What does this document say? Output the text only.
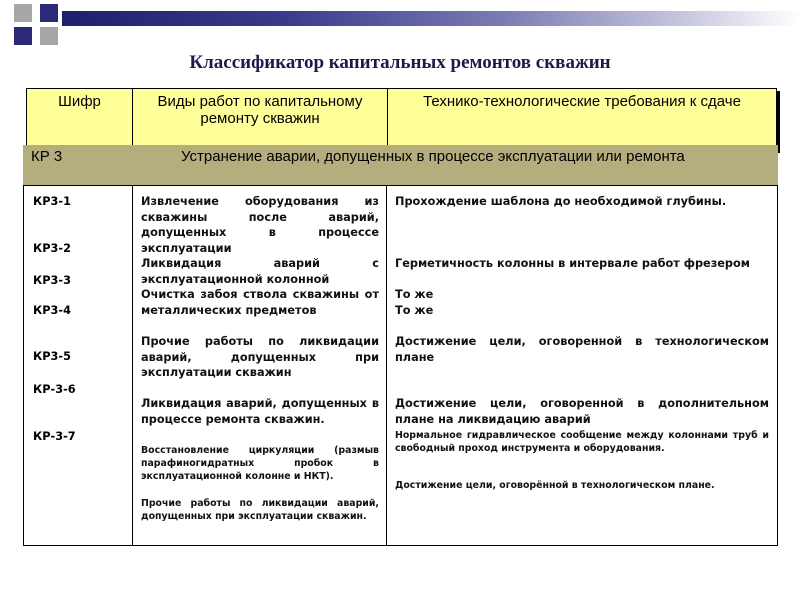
Классификатор капитальных ремонтов скважин
Шифр	Виды работ по капитальному ремонту скважин
Технико-технологические требования к сдаче
КР 3	Устранение аварии, допущенных в процессе эксплуатации или ремонта
КР3-1
КР3-2
КР3-3
КР3-4
КР3-5
КР-3-6
КР-3-7
Извлечение оборудования из скважины после аварий, допущенных в процессе эксплуатации
Ликвидация аварий с эксплуатационной колонной
Очистка забоя ствола скважины от металлических предметов
Прочие работы по ликвидации аварий, допущенных при эксплуатации скважин
Ликвидация аварий, допущенных в процессе ремонта скважин.
Восстановление циркуляции (размыв парафиногидратных пробок в эксплуатационной колонне и НКТ).
Прочие работы по ликвидации аварий, допущенных при эксплуатации скважин.
Прохождение шаблона до необходимой глубины.
Герметичность колонны в интервале работ фрезером
То же
То же
Достижение цели, оговоренной в технологическом плане
Достижение цели, оговоренной в дополнительном плане на ликвидацию аварий
Нормальное гидравлическое сообщение между колоннами труб и свободный проход инструмента и оборудования.
Достижение цели, оговорённой в технологическом плане.
